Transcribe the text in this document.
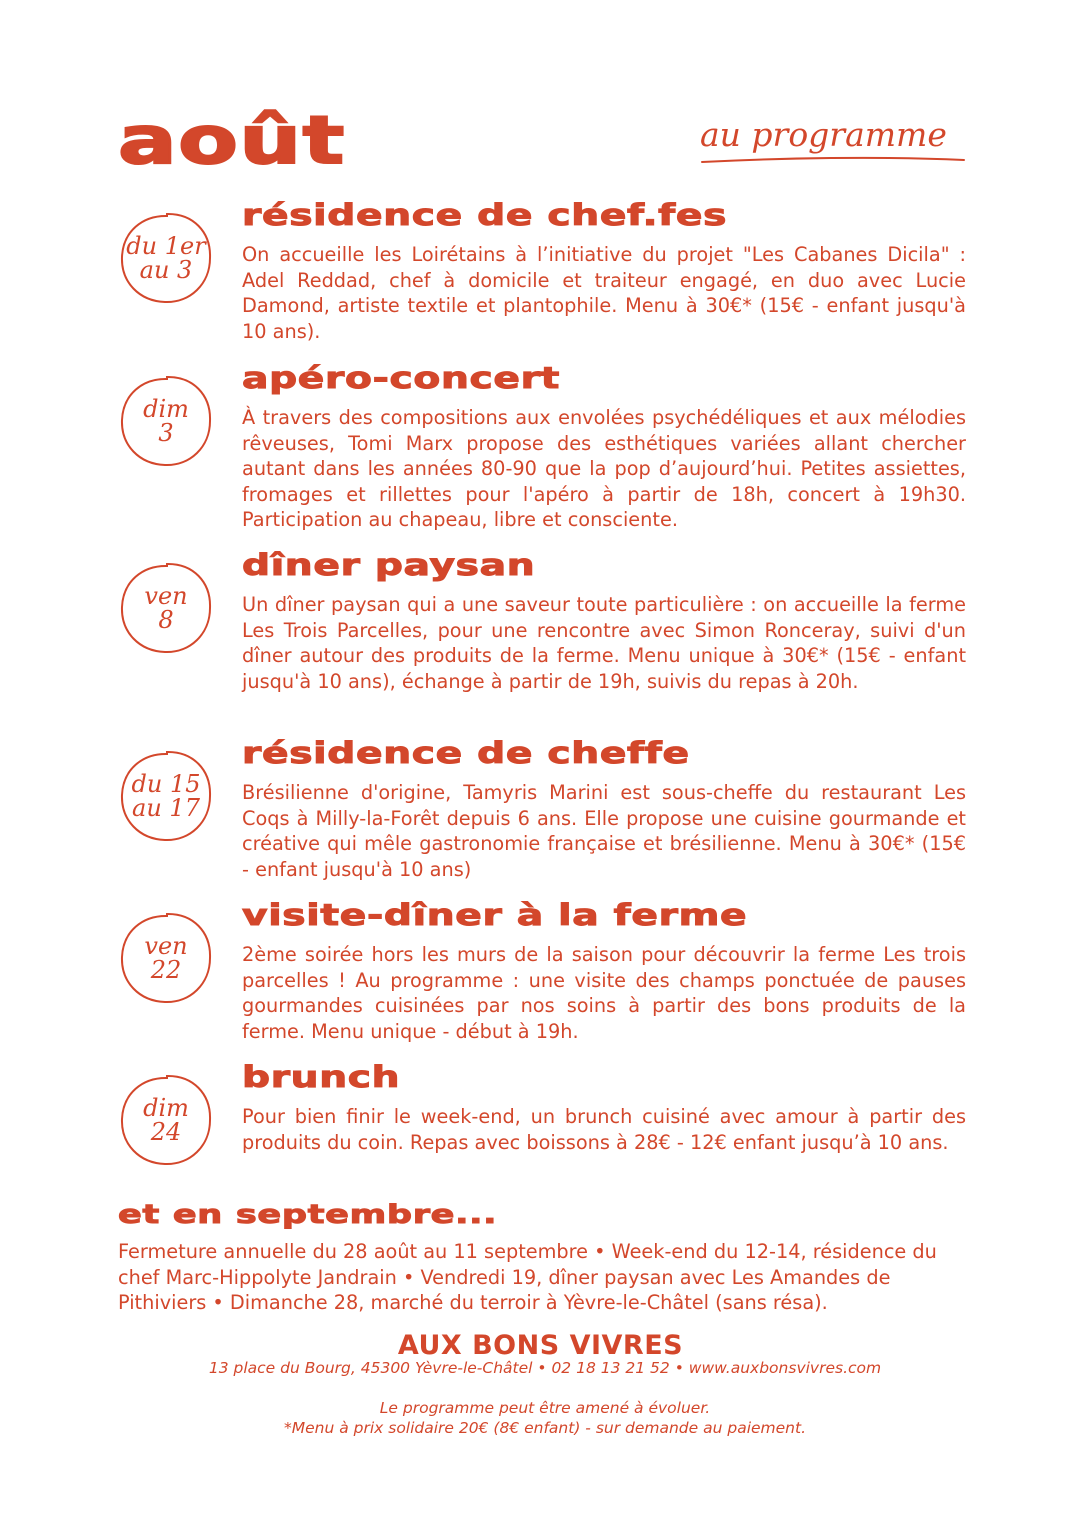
août	au programme
du 1er
au 3
résidence de chef.fes
On accueille les Loirétains à l’initiative du projet "Les Cabanes Dicila" : Adel Reddad, chef à domicile et traiteur engagé, en duo avec Lucie Damond, artiste textile et plantophile. Menu à 30€* (15€ - enfant jusqu'à 10 ans).
dim
3
apéro-concert
À travers des compositions aux envolées psychédéliques et aux mélodies rêveuses, Tomi Marx propose des esthétiques variées allant chercher autant dans les années 80-90 que la pop d’aujourd’hui. Petites assiettes, fromages et rillettes pour l'apéro à partir de 18h, concert à 19h30. Participation au chapeau, libre et consciente.
ven
8
dîner paysan
Un dîner paysan qui a une saveur toute particulière : on accueille la ferme Les Trois Parcelles, pour une rencontre avec Simon Ronceray, suivi d'un dîner autour des produits de la ferme. Menu unique à 30€* (15€ - enfant jusqu'à 10 ans), échange à partir de 19h, suivis du repas à 20h.
du 15
au 17
résidence de cheffe
Brésilienne d'origine, Tamyris Marini est sous-cheffe du restaurant Les Coqs à Milly-la-Forêt depuis 6 ans. Elle propose une cuisine gourmande et créative qui mêle gastronomie française et brésilienne. Menu à 30€* (15€ - enfant jusqu'à 10 ans)
ven
22
visite-dîner à la ferme
2ème soirée hors les murs de la saison pour découvrir la ferme Les trois parcelles ! Au programme : une visite des champs ponctuée de pauses gourmandes cuisinées par nos soins à partir des bons produits de la ferme. Menu unique - début à 19h.
dim
24
brunch
Pour bien finir le week-end, un brunch cuisiné avec amour à partir des produits du coin. Repas avec boissons à 28€ - 12€ enfant jusqu’à 10 ans.
et en septembre...
Fermeture annuelle du 28 août au 11 septembre • Week-end du 12-14, résidence du chef Marc-Hippolyte Jandrain • Vendredi 19, dîner paysan avec Les Amandes de Pithiviers • Dimanche 28, marché du terroir à Yèvre-le-Châtel (sans résa).
AUX BONS VIVRES
13 place du Bourg, 45300 Yèvre-le-Châtel • 02 18 13 21 52 • www.auxbonsvivres.com
Le programme peut être amené à évoluer.
*Menu à prix solidaire 20€ (8€ enfant) - sur demande au paiement.
